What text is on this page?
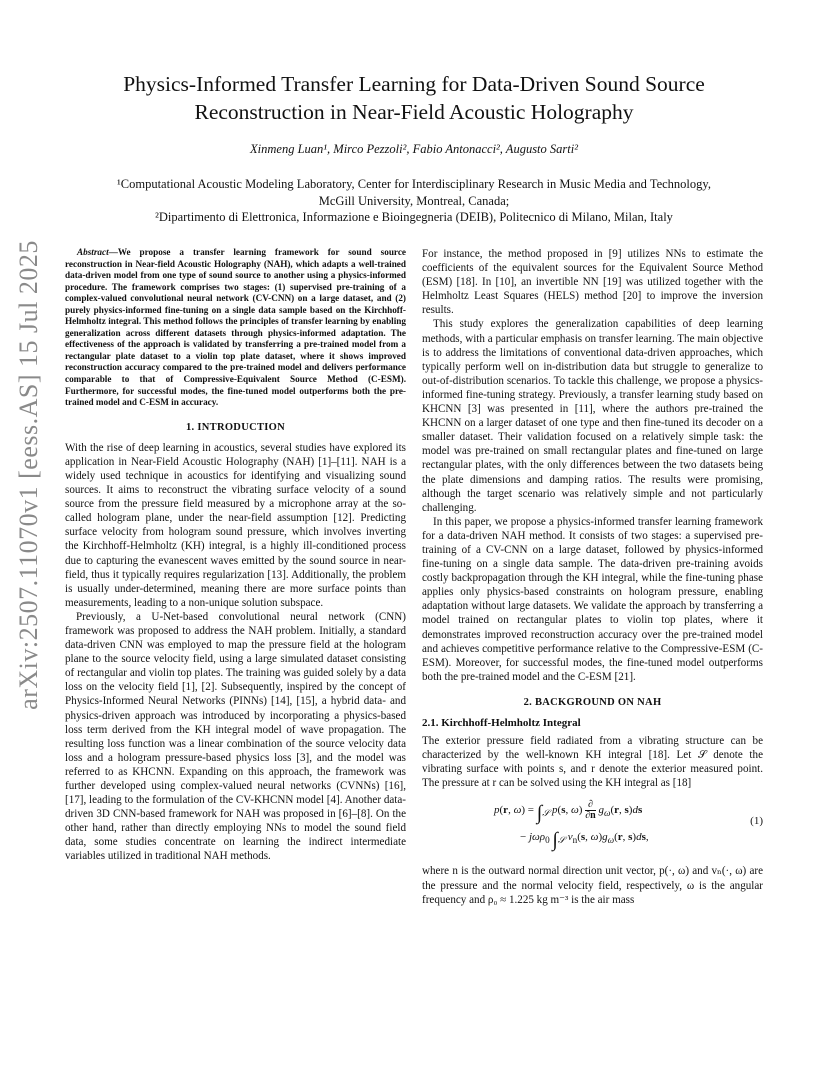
arXiv:2507.11070v1 [eess.AS] 15 Jul 2025
Physics-Informed Transfer Learning for Data-Driven Sound Source
Reconstruction in Near-Field Acoustic Holography
Xinmeng Luan¹, Mirco Pezzoli², Fabio Antonacci², Augusto Sarti²
¹Computational Acoustic Modeling Laboratory, Center for Interdisciplinary Research in Music Media and Technology,
McGill University, Montreal, Canada;
²Dipartimento di Elettronica, Informazione e Bioingegneria (DEIB), Politecnico di Milano, Milan, Italy

Abstract—We propose a transfer learning framework for sound source reconstruction in Near-field Acoustic Holography (NAH), which adapts a well-trained data-driven model from one type of sound source to another using a physics-informed procedure. The framework comprises two stages: (1) supervised pre-training of a complex-valued convolutional neural network (CV-CNN) on a large dataset, and (2) purely physics-informed fine-tuning on a single data sample based on the Kirchhoff-Helmholtz integral. This method follows the principles of transfer learning by enabling generalization across different datasets through physics-informed adaptation. The effectiveness of the approach is validated by transferring a pre-trained model from a rectangular plate dataset to a violin top plate dataset, where it shows improved reconstruction accuracy compared to the pre-trained model and delivers performance comparable to that of Compressive-Equivalent Source Method (C-ESM). Furthermore, for successful modes, the fine-tuned model outperforms both the pre-trained model and C-ESM in accuracy.

1. INTRODUCTION

With the rise of deep learning in acoustics, several studies have explored its application in Near-Field Acoustic Holography (NAH) [1]–[11]. NAH is a widely used technique in acoustics for identifying and visualizing sound sources. It aims to reconstruct the vibrating surface velocity of a sound source from the pressure field measured by a microphone array at the so-called hologram plane, under the near-field assumption [12]. Predicting surface velocity from hologram sound pressure, which involves inverting the Kirchhoff-Helmholtz (KH) integral, is a highly ill-conditioned process due to capturing the evanescent waves emitted by the sound source in near-field, thus it typically requires regularization [13]. Additionally, the problem is usually under-determined, meaning there are more surface points than measurements, leading to a non-unique solution subspace.

Previously, a U-Net-based convolutional neural network (CNN) framework was proposed to address the NAH problem. Initially, a standard data-driven CNN was employed to map the pressure field at the hologram plane to the source velocity field, using a large simulated dataset consisting of rectangular and violin top plates. The training was guided solely by a data loss on the velocity field [1], [2]. Subsequently, inspired by the concept of Physics-Informed Neural Networks (PINNs) [14], [15], a hybrid data- and physics-driven approach was introduced by incorporating a physics-based loss term derived from the KH integral model of wave propagation. The resulting loss function was a linear combination of the source velocity data loss and a hologram pressure-based physics loss [3], and the model was referred to as KHCNN. Expanding on this approach, the framework was further developed using complex-valued neural networks (CVNNs) [16], [17], leading to the formulation of the CV-KHCNN model [4]. Another data-driven 3D CNN-based framework for NAH was proposed in [6]–[8]. On the other hand, rather than directly employing NNs to model the sound field data, some studies concentrate on learning the indirect intermediate variables utilized in traditional NAH methods.

For instance, the method proposed in [9] utilizes NNs to estimate the coefficients of the equivalent sources for the Equivalent Source Method (ESM) [18]. In [10], an invertible NN [19] was utilized together with the Helmholtz Least Squares (HELS) method [20] to improve the inversion results.

This study explores the generalization capabilities of deep learning methods, with a particular emphasis on transfer learning. The main objective is to address the limitations of conventional data-driven approaches, which typically perform well on in-distribution data but struggle to generalize to out-of-distribution scenarios. To tackle this challenge, we propose a physics-informed fine-tuning strategy. Previously, a transfer learning study based on KHCNN [3] was presented in [11], where the authors pre-trained the KHCNN on a larger dataset of one type and then fine-tuned its decoder on a smaller dataset. Their validation focused on a relatively simple task: the model was pre-trained on small rectangular plates and fine-tuned on large rectangular plates, with the only differences between the two datasets being the plate dimensions and damping ratios. The results were promising, although the target scenario was relatively simple and not particularly challenging.

In this paper, we propose a physics-informed transfer learning framework for a data-driven NAH method. It consists of two stages: a supervised pre-training of a CV-CNN on a large dataset, followed by physics-informed fine-tuning on a single data sample. The data-driven pre-training avoids costly backpropagation through the KH integral, while the fine-tuning phase applies only physics-based constraints on hologram pressure, enabling adaptation without large datasets. We validate the approach by transferring a model trained on rectangular plates to violin top plates, where it demonstrates improved reconstruction accuracy over the pre-trained model and achieves competitive performance relative to the Compressive-ESM (C-ESM). Moreover, for successful modes, the fine-tuned model outperforms both the pre-trained model and the C-ESM [21].

2. BACKGROUND ON NAH
2.1. Kirchhoff-Helmholtz Integral

The exterior pressure field radiated from a vibrating structure can be characterized by the well-known KH integral [18]. Let 𝒮 denote the vibrating surface with points s, and r denote the exterior measured point. The pressure at r can be solved using the KH integral as [18]

p(r, $\omega) = \int_𝒮$ p(s, $\omega) \frac{\partial}{\partial n} g_\omega(r$, s)ds
− jωρ$_0$ $\int_𝒮$ $v_n(s$, $\omega)g_\omega(r$, s)ds,
(1)

where n is the outward normal direction unit vector, p(·, ω) and vₙ(·, ω) are the pressure and the normal velocity field, respectively, ω is the angular frequency and ρ₀ ≈ 1.225 kg m⁻³ is the air mass
